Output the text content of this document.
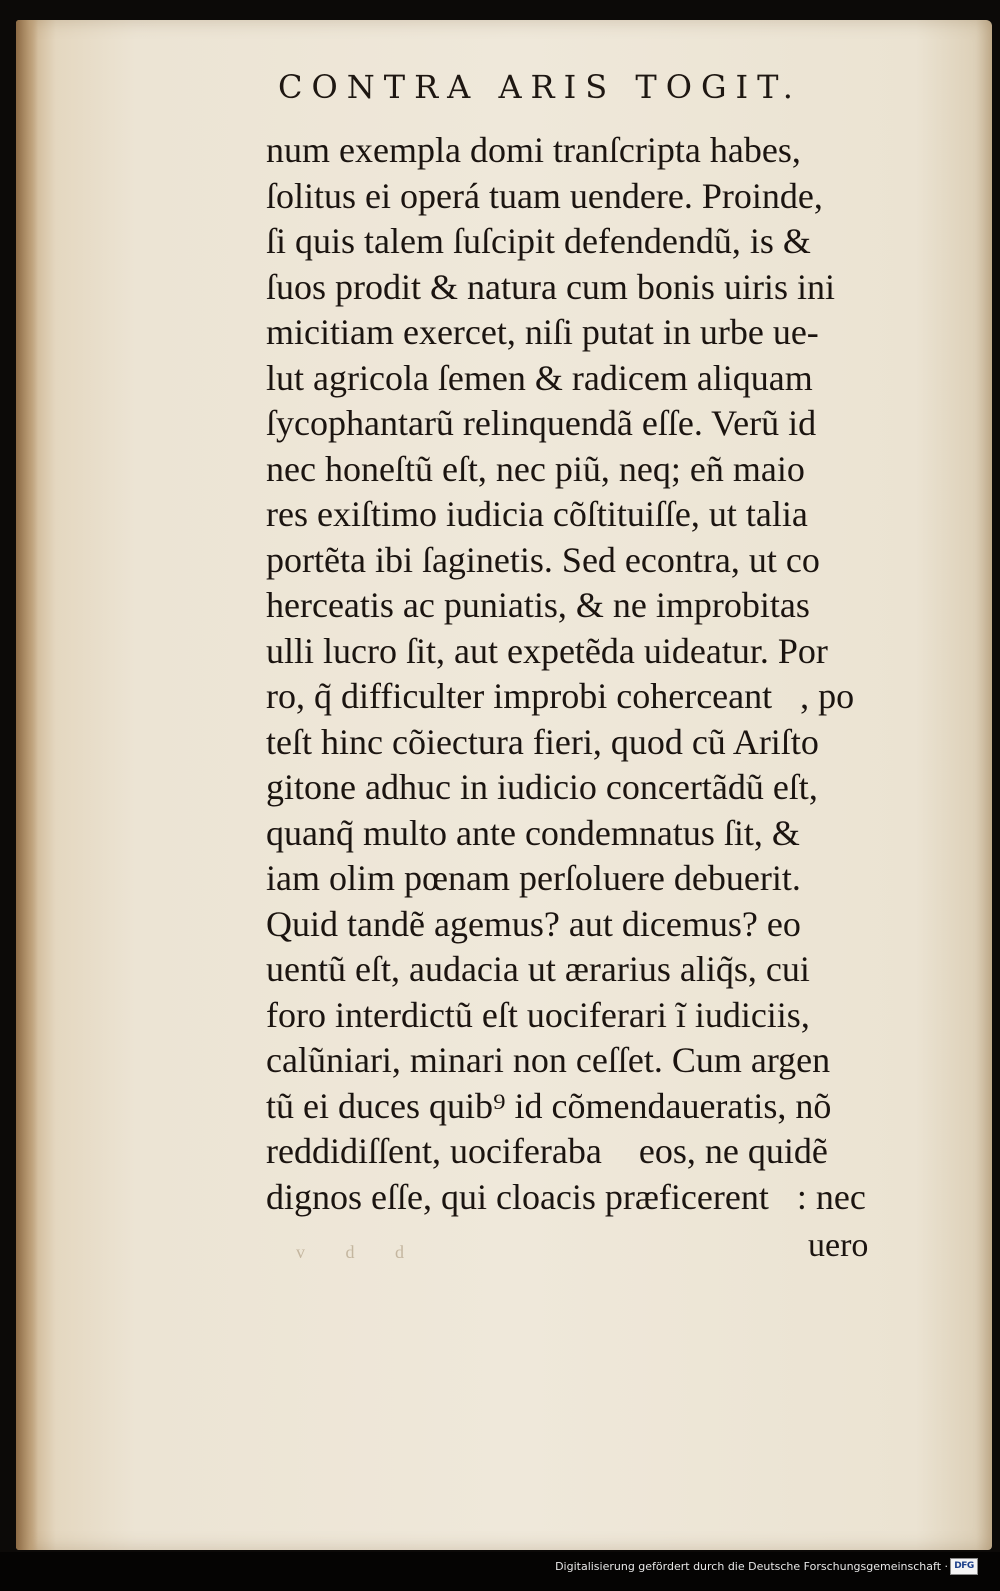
CONTRA ARIS TOGIT.
num exempla domi tranſcripta habes,
ſolitus ei operá tuam uendere. Proinde,
ſi quis talem ſuſcipit defendendũ, is &
ſuos prodit & natura cum bonis uiris ini
micitiam exercet, niſi putat in urbe ue-
lut agricola ſemen & radicem aliquam
ſycophantarũ relinquendã eſſe. Verũ id
nec honeſtũ eſt, nec piũ, neq; eñ maio
res exiſtimo iudicia cõſtituiſſe, ut talia
portẽta ibi ſaginetis. Sed econtra, ut co
herceatis ac puniatis, & ne improbitas
ulli lucro ſit, aut expetẽda uideatur. Por
ro, q̃ difficulter improbi coherceant᷑, po
teſt hinc cõiectura fieri, quod cũ Ariſto
gitone adhuc in iudicio concertãdũ eſt,
quanq̃ multo ante condemnatus ſit, &
iam olim pœnam perſoluere debuerit.
Quid tandẽ agemus? aut dicemus? eo
uentũ eſt, audacia ut ærarius aliq̃s, cui
foro interdictũ eſt uociferari ĩ iudiciis,
calũniari, minari non ceſſet. Cum argen
tũ ei duces quib⁹ id cõmendaueratis, nõ
reddidiſſent, uociferaba᷑ eos, ne quidẽ
dignos eſſe, qui cloacis præficerent᷑: nec
v d d	uero
Digitalisierung gefördert durch die Deutsche Forschungsgemeinschaft · DFG
